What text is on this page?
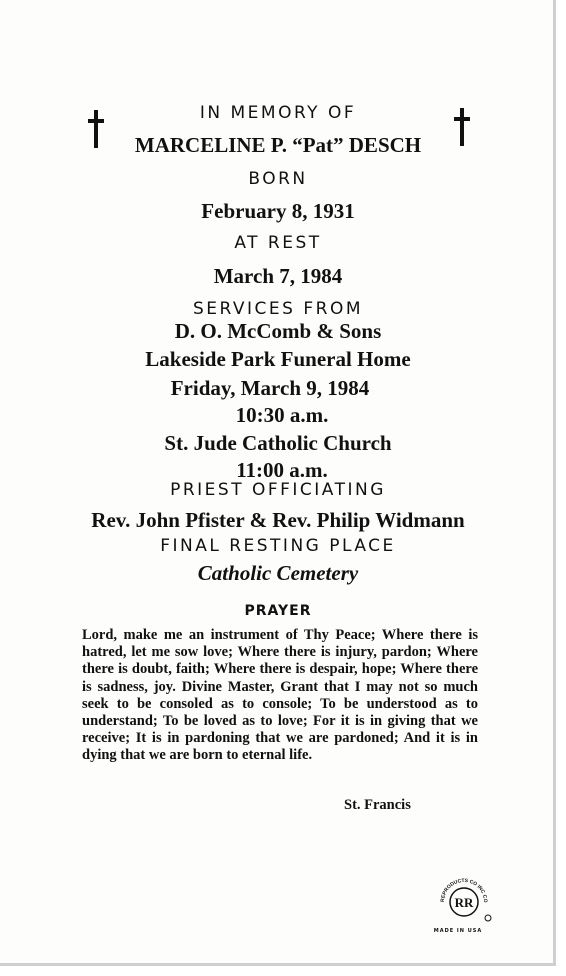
IN MEMORY OF
MARCELINE P. “Pat” DESCH
BORN
February 8, 1931
AT REST
March 7, 1984
SERVICES FROM
D. O. McComb & Sons
Lakeside Park Funeral Home
Friday, March 9, 1984
10:30 a.m.
St. Jude Catholic Church
11:00 a.m.
PRIEST OFFICIATING
Rev. John Pfister & Rev. Philip Widmann
FINAL RESTING PLACE
Catholic Cemetery
PRAYER

Lord, make me an instrument of Thy Peace; Where there is hatred, let me sow love; Where there is injury, pardon; Where there is doubt, faith; Where there is despair, hope; Where there is sadness, joy. Divine Master, Grant that I may not so much seek to be consoled as to console; To be understood as to understand; To be loved as to love; For it is in giving that we receive; It is in pardoning that we are pardoned; And it is in dying that we are born to eternal life.

St. Francis
REPRODUCTS CO INC CO
RR
MADE IN USA
